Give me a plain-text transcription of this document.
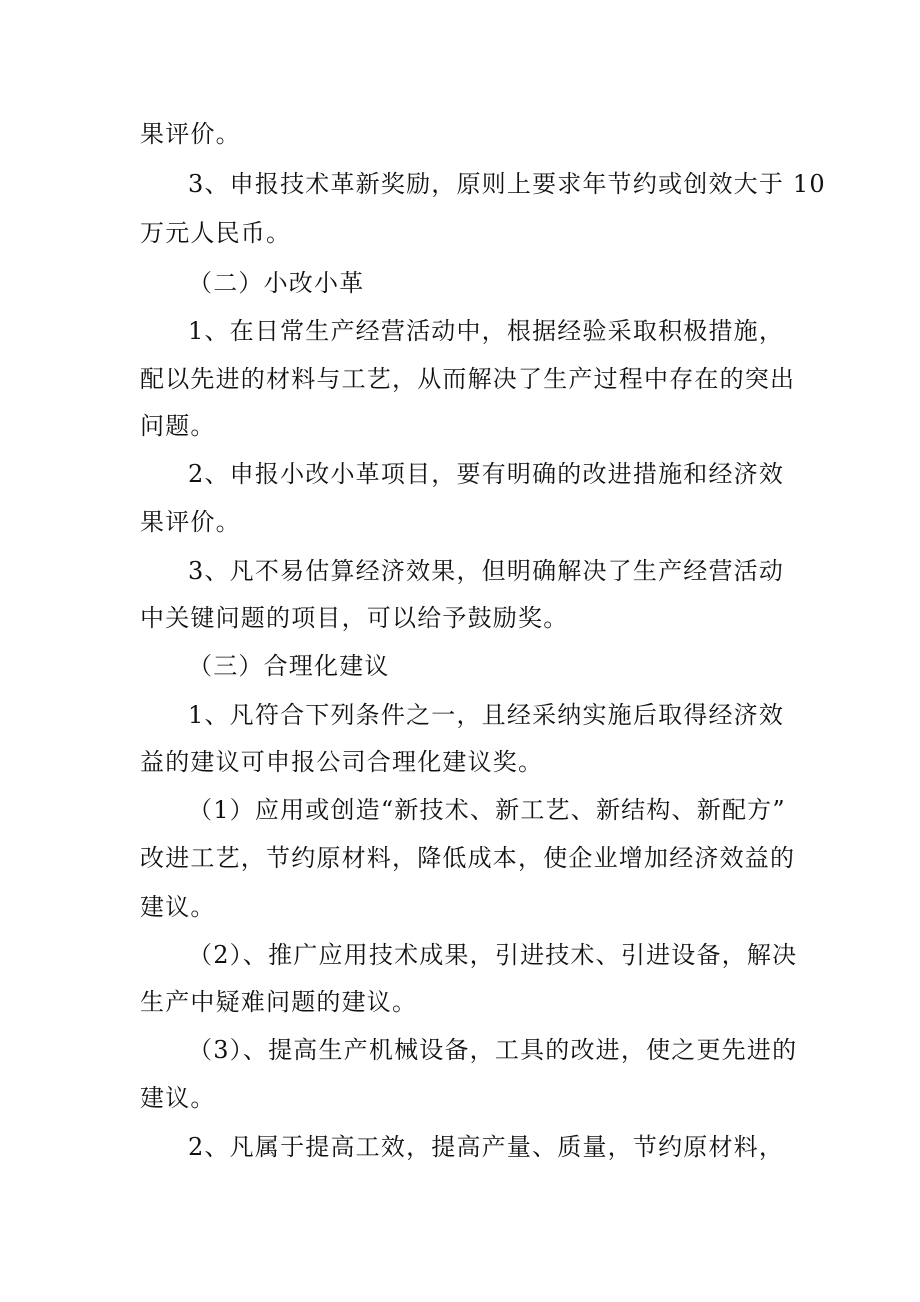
果评价。
3、申报技术革新奖励，原则上要求年节约或创效大于 10
万元人民币。
（二）小改小革
1、在日常生产经营活动中，根据经验采取积极措施，
配以先进的材料与工艺，从而解决了生产过程中存在的突出
问题。
2、申报小改小革项目，要有明确的改进措施和经济效
果评价。
3、凡不易估算经济效果，但明确解决了生产经营活动
中关键问题的项目，可以给予鼓励奖。
（三）合理化建议
1、凡符合下列条件之一，且经采纳实施后取得经济效
益的建议可申报公司合理化建议奖。
（1）应用或创造“新技术、新工艺、新结构、新配方”
改进工艺，节约原材料，降低成本，使企业增加经济效益的
建议。
（2）、推广应用技术成果，引进技术、引进设备，解决
生产中疑难问题的建议。
（3）、提高生产机械设备，工具的改进，使之更先进的
建议。
2、凡属于提高工效，提高产量、质量，节约原材料，
